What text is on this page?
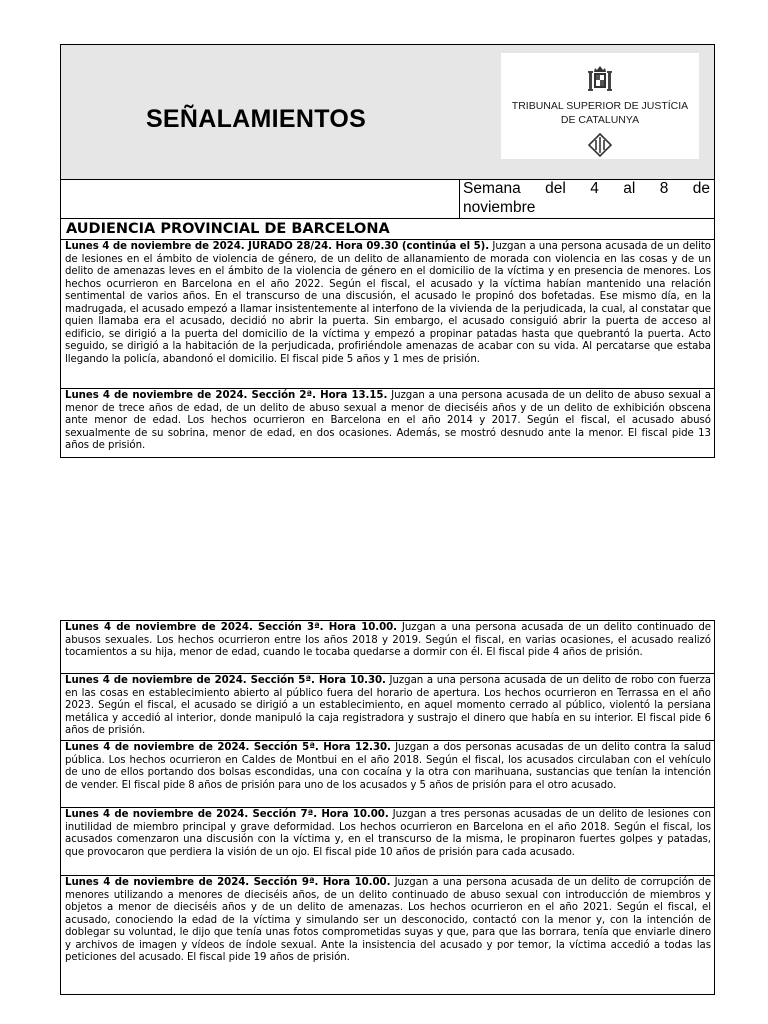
SEÑALAMIENTOS	TRIBUNAL SUPERIOR DE JUSTÍCIA
DE CATALUNYA
Semana del 4 al 8 de
noviembre
AUDIENCIA PROVINCIAL DE BARCELONA
Lunes 4 de noviembre de 2024. JURADO 28/24. Hora 09.30 (continúa el 5). Juzgan a una persona acusada de un delito de lesiones en el ámbito de violencia de género, de un delito de allanamiento de morada con violencia en las cosas y de un delito de amenazas leves en el ámbito de la violencia de género en el domicilio de la víctima y en presencia de menores. Los hechos ocurrieron en Barcelona en el año 2022. Según el fiscal, el acusado y la víctima habían mantenido una relación sentimental de varios años. En el transcurso de una discusión, el acusado le propinó dos bofetadas. Ese mismo día, en la madrugada, el acusado empezó a llamar insistentemente al interfono de la vivienda de la perjudicada, la cual, al constatar que quien llamaba era el acusado, decidió no abrir la puerta. Sin embargo, el acusado consiguió abrir la puerta de acceso al edificio, se dirigió a la puerta del domicilio de la víctima y empezó a propinar patadas hasta que quebrantó la puerta. Acto seguido, se dirigió a la habitación de la perjudicada, profiriéndole amenazas de acabar con su vida. Al percatarse que estaba llegando la policía, abandonó el domicilio. El fiscal pide 5 años y 1 mes de prisión.
Lunes 4 de noviembre de 2024. Sección 2ª. Hora 13.15. Juzgan a una persona acusada de un delito de abuso sexual a menor de trece años de edad, de un delito de abuso sexual a menor de dieciséis años y de un delito de exhibición obscena ante menor de edad. Los hechos ocurrieron en Barcelona en el año 2014 y 2017. Según el fiscal, el acusado abusó sexualmente de su sobrina, menor de edad, en dos ocasiones. Además, se mostró desnudo ante la menor. El fiscal pide 13 años de prisión.
Lunes 4 de noviembre de 2024. Sección 3ª. Hora 10.00. Juzgan a una persona acusada de un delito continuado de abusos sexuales. Los hechos ocurrieron entre los años 2018 y 2019. Según el fiscal, en varias ocasiones, el acusado realizó tocamientos a su hija, menor de edad, cuando le tocaba quedarse a dormir con él. El fiscal pide 4 años de prisión.
Lunes 4 de noviembre de 2024. Sección 5ª. Hora 10.30. Juzgan a una persona acusada de un delito de robo con fuerza en las cosas en establecimiento abierto al público fuera del horario de apertura. Los hechos ocurrieron en Terrassa en el año 2023. Según el fiscal, el acusado se dirigió a un establecimiento, en aquel momento cerrado al público, violentó la persiana metálica y accedió al interior, donde manipuló la caja registradora y sustrajo el dinero que había en su interior. El fiscal pide 6 años de prisión.
Lunes 4 de noviembre de 2024. Sección 5ª. Hora 12.30. Juzgan a dos personas acusadas de un delito contra la salud pública. Los hechos ocurrieron en Caldes de Montbui en el año 2018. Según el fiscal, los acusados circulaban con el vehículo de uno de ellos portando dos bolsas escondidas, una con cocaína y la otra con marihuana, sustancias que tenían la intención de vender. El fiscal pide 8 años de prisión para uno de los acusados y 5 años de prisión para el otro acusado.
Lunes 4 de noviembre de 2024. Sección 7ª. Hora 10.00. Juzgan a tres personas acusadas de un delito de lesiones con inutilidad de miembro principal y grave deformidad. Los hechos ocurrieron en Barcelona en el año 2018. Según el fiscal, los acusados comenzaron una discusión con la víctima y, en el transcurso de la misma, le propinaron fuertes golpes y patadas, que provocaron que perdiera la visión de un ojo. El fiscal pide 10 años de prisión para cada acusado.
Lunes 4 de noviembre de 2024. Sección 9ª. Hora 10.00. Juzgan a una persona acusada de un delito de corrupción de menores utilizando a menores de dieciséis años, de un delito continuado de abuso sexual con introducción de miembros y objetos a menor de dieciséis años y de un delito de amenazas. Los hechos ocurrieron en el año 2021. Según el fiscal, el acusado, conociendo la edad de la víctima y simulando ser un desconocido, contactó con la menor y, con la intención de doblegar su voluntad, le dijo que tenía unas fotos comprometidas suyas y que, para que las borrara, tenía que enviarle dinero y archivos de imagen y vídeos de índole sexual. Ante la insistencia del acusado y por temor, la víctima accedió a todas las peticiones del acusado. El fiscal pide 19 años de prisión.
